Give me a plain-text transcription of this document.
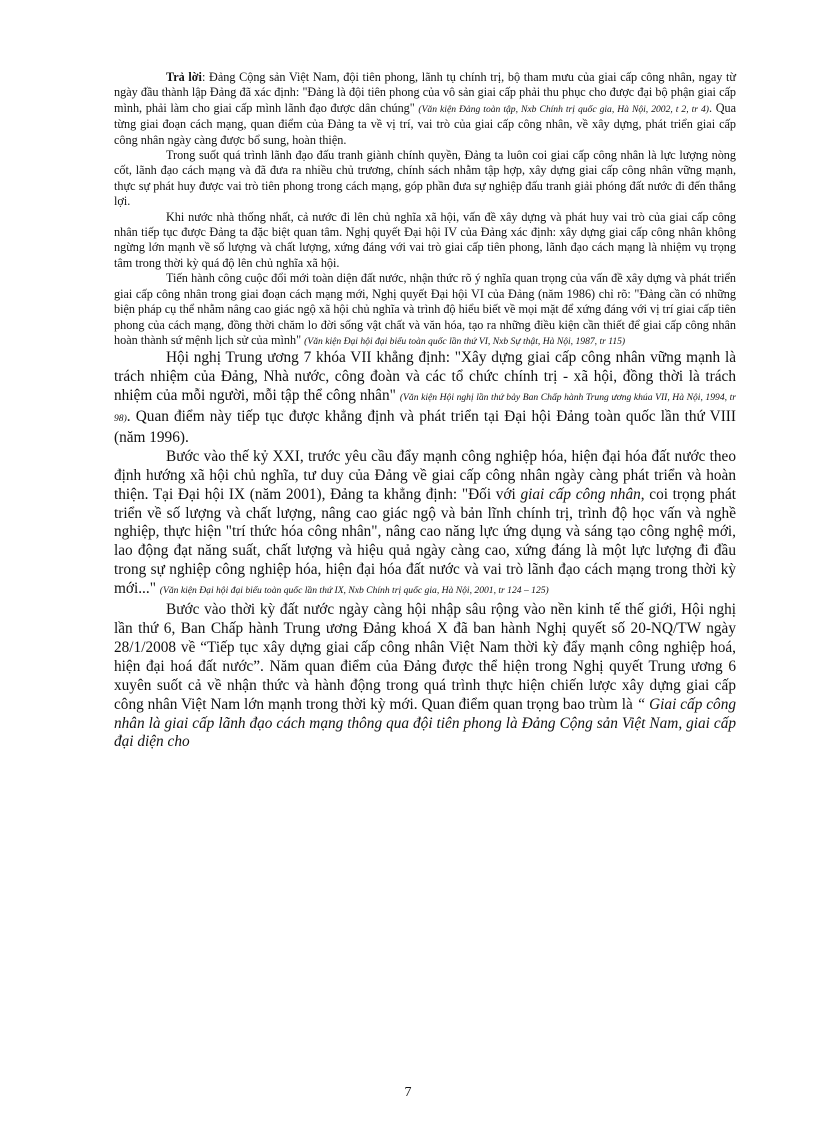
Trả lời: Đảng Cộng sản Việt Nam, đội tiên phong, lãnh tụ chính trị, bộ tham mưu của giai cấp công nhân, ngay từ ngày đầu thành lập Đảng đã xác định: "Đảng là đội tiên phong của vô sản giai cấp phải thu phục cho được đại bộ phận giai cấp mình, phải làm cho giai cấp mình lãnh đạo được dân chúng" (Văn kiện Đảng toàn tập, Nxb Chính trị quốc gia, Hà Nội, 2002, t 2, tr 4). Qua từng giai đoạn cách mạng, quan điểm của Đảng ta về vị trí, vai trò của giai cấp công nhân, về xây dựng, phát triển giai cấp công nhân ngày càng được bổ sung, hoàn thiện.

Trong suốt quá trình lãnh đạo đấu tranh giành chính quyền, Đảng ta luôn coi giai cấp công nhân là lực lượng nòng cốt, lãnh đạo cách mạng và đã đưa ra nhiều chủ trương, chính sách nhằm tập hợp, xây dựng giai cấp công nhân vững mạnh, thực sự phát huy được vai trò tiên phong trong cách mạng, góp phần đưa sự nghiệp đấu tranh giải phóng đất nước đi đến thắng lợi.

Khi nước nhà thống nhất, cả nước đi lên chủ nghĩa xã hội, vấn đề xây dựng và phát huy vai trò của giai cấp công nhân tiếp tục được Đảng ta đặc biệt quan tâm. Nghị quyết Đại hội IV của Đảng xác định: xây dựng giai cấp công nhân không ngừng lớn mạnh về số lượng và chất lượng, xứng đáng với vai trò giai cấp tiên phong, lãnh đạo cách mạng là nhiệm vụ trọng tâm trong thời kỳ quá độ lên chủ nghĩa xã hội.

Tiến hành công cuộc đổi mới toàn diện đất nước, nhận thức rõ ý nghĩa quan trọng của vấn đề xây dựng và phát triển giai cấp công nhân trong giai đoạn cách mạng mới, Nghị quyết Đại hội VI của Đảng (năm 1986) chỉ rõ: "Đảng cần có những biện pháp cụ thể nhằm nâng cao giác ngộ xã hội chủ nghĩa và trình độ hiểu biết về mọi mặt để xứng đáng với vị trí giai cấp tiên phong của cách mạng, đồng thời chăm lo đời sống vật chất và văn hóa, tạo ra những điều kiện cần thiết để giai cấp công nhân hoàn thành sứ mệnh lịch sử của mình" (Văn kiện Đại hội đại biểu toàn quốc lần thứ VI, Nxb Sự thật, Hà Nội, 1987, tr 115)

Hội nghị Trung ương 7 khóa VII khẳng định: "Xây dựng giai cấp công nhân vững mạnh là trách nhiệm của Đảng, Nhà nước, công đoàn và các tổ chức chính trị - xã hội, đồng thời là trách nhiệm của mỗi người, mỗi tập thể công nhân" (Văn kiện Hội nghị lần thứ bảy Ban Chấp hành Trung ương khúa VII, Hà Nội, 1994, tr 98). Quan điểm này tiếp tục được khẳng định và phát triển tại Đại hội Đảng toàn quốc lần thứ VIII (năm 1996).

Bước vào thế kỷ XXI, trước yêu cầu đẩy mạnh công nghiệp hóa, hiện đại hóa đất nước theo định hướng xã hội chủ nghĩa, tư duy của Đảng về giai cấp công nhân ngày càng phát triển và hoàn thiện. Tại Đại hội IX (năm 2001), Đảng ta khẳng định: "Đối với giai cấp công nhân, coi trọng phát triển về số lượng và chất lượng, nâng cao giác ngộ và bản lĩnh chính trị, trình độ học vấn và nghề nghiệp, thực hiện "trí thức hóa công nhân", nâng cao năng lực ứng dụng và sáng tạo công nghệ mới, lao động đạt năng suất, chất lượng và hiệu quả ngày càng cao, xứng đáng là một lực lượng đi đầu trong sự nghiệp công nghiệp hóa, hiện đại hóa đất nước và vai trò lãnh đạo cách mạng trong thời kỳ mới..." (Văn kiện Đại hội đại biểu toàn quốc lần thứ IX, Nxb Chính trị quốc gia, Hà Nội, 2001, tr 124 – 125)

Bước vào thời kỳ đất nước ngày càng hội nhập sâu rộng vào nền kinh tế thế giới, Hội nghị lần thứ 6, Ban Chấp hành Trung ương Đảng khoá X đã ban hành Nghị quyết số 20-NQ/TW ngày 28/1/2008 về “Tiếp tục xây dựng giai cấp công nhân Việt Nam thời kỳ đẩy mạnh công nghiệp hoá, hiện đại hoá đất nước”. Năm quan điểm của Đảng được thể hiện trong Nghị quyết Trung ương 6 xuyên suốt cả về nhận thức và hành động trong quá trình thực hiện chiến lược xây dựng giai cấp công nhân Việt Nam lớn mạnh trong thời kỳ mới. Quan điểm quan trọng bao trùm là “ Giai cấp công nhân là giai cấp lãnh đạo cách mạng thông qua đội tiên phong là Đảng Cộng sản Việt Nam, giai cấp đại diện cho

7
